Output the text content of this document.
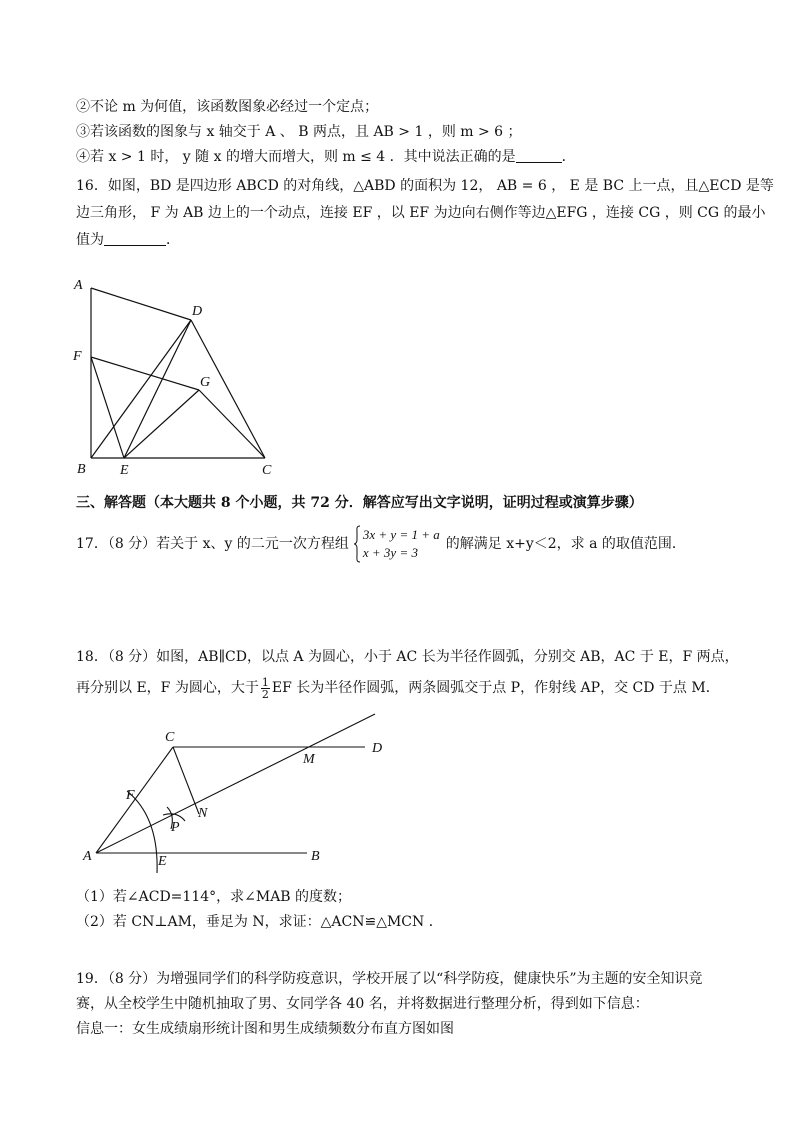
②不论 m 为何值，该函数图象必经过一个定点；
③若该函数的图象与 x 轴交于 A 、 B 两点，且 AB > 1 ，则 m > 6 ；
④若 x > 1 时， y 随 x 的增大而增大，则 m ≤ 4 ．其中说法正确的是	．
16．如图，BD 是四边形 ABCD 的对角线，△ABD 的面积为 12， AB = 6 ， E 是 BC 上一点，且△ECD 是等
边三角形， F 为 AB 边上的一个动点，连接 EF ，以 EF 为边向右侧作等边△EFG ，连接 CG ，则 CG 的最小
值为	．
A
D
F
G
B E	C
三、解答题（本大题共 8 个小题，共 72 分．解答应写出文字说明，证明过程或演算步骤）
17．（8 分）若关于 x、y 的二元一次方程组
3x + y = 1 + a
x + 3y = 3
的解满足 x+y＜2，求 a 的取值范围．
18．（8 分）如图，AB∥CD，以点 A 为圆心，小于 AC 长为半径作圆弧，分别交 AB，AC 于 E，F 两点，
再分别以 E，F 为圆心，大于 $\frac{1}{2}$ EF 长为半径作圆弧，两条圆弧交于点 P，作射线 AP，交 CD 于点 M．
C
D
M
F
N
P
A	E	B
（1）若∠ACD=114°，求∠MAB 的度数；
（2）若 CN⊥AM，垂足为 N，求证：△ACN≌△MCN ．
19．（8 分）为增强同学们的科学防疫意识，学校开展了以“科学防疫，健康快乐”为主题的安全知识竞
赛，从全校学生中随机抽取了男、女同学各 40 名，并将数据进行整理分析，得到如下信息：
信息一：女生成绩扇形统计图和男生成绩频数分布直方图如图
